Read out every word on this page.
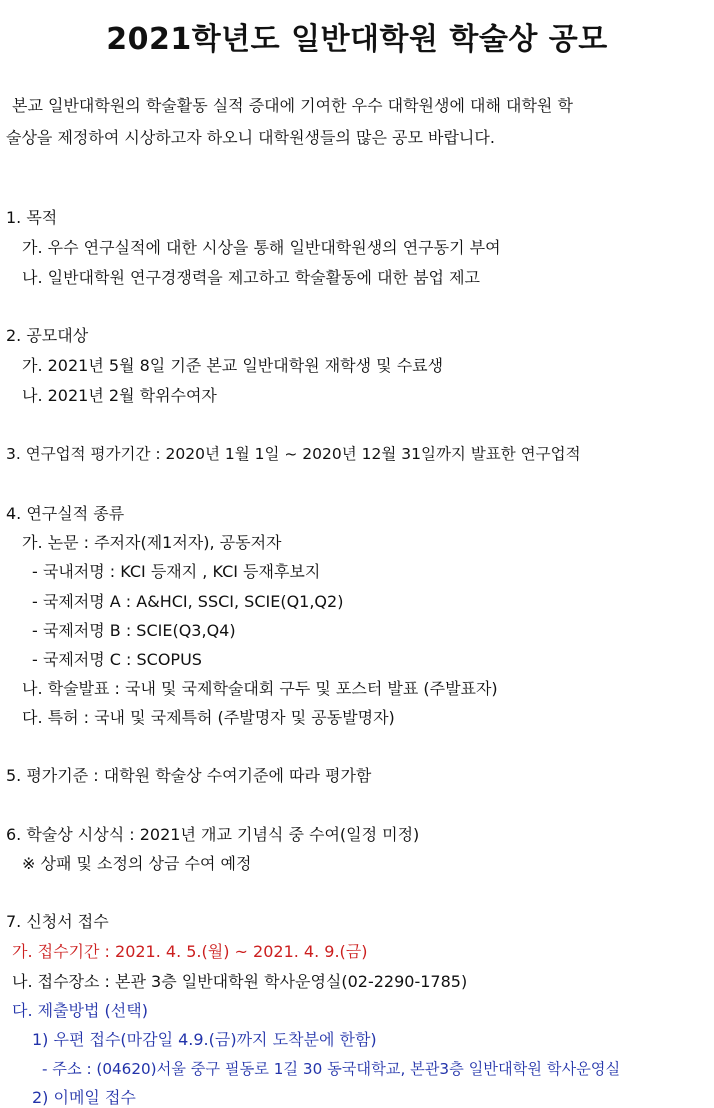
2021학년도 일반대학원 학술상 공모
본교 일반대학원의 학술활동 실적 증대에 기여한 우수 대학원생에 대해 대학원 학
술상을 제정하여 시상하고자 하오니 대학원생들의 많은 공모 바랍니다.
1. 목적
가. 우수 연구실적에 대한 시상을 통해 일반대학원생의 연구동기 부여
나. 일반대학원 연구경쟁력을 제고하고 학술활동에 대한 붐업 제고
2. 공모대상
가. 2021년 5월 8일 기준 본교 일반대학원 재학생 및 수료생
나. 2021년 2월 학위수여자
3. 연구업적 평가기간 : 2020년 1월 1일 ~ 2020년 12월 31일까지 발표한 연구업적
4. 연구실적 종류
가. 논문 : 주저자(제1저자), 공동저자
- 국내저명 : KCI 등재지 , KCI 등재후보지
- 국제저명 A : A&HCI, SSCI, SCIE(Q1,Q2)
- 국제저명 B : SCIE(Q3,Q4)
- 국제저명 C : SCOPUS
나. 학술발표 : 국내 및 국제학술대회 구두 및 포스터 발표 (주발표자)
다. 특허 : 국내 및 국제특허 (주발명자 및 공동발명자)
5. 평가기준 : 대학원 학술상 수여기준에 따라 평가함
6. 학술상 시상식 : 2021년 개교 기념식 중 수여(일정 미정)
※ 상패 및 소정의 상금 수여 예정
7. 신청서 접수
가. 접수기간 : 2021. 4. 5.(월) ~ 2021. 4. 9.(금)
나. 접수장소 : 본관 3층 일반대학원 학사운영실(02-2290-1785)
다. 제출방법 (선택)
1) 우편 접수(마감일 4.9.(금)까지 도착분에 한함)
- 주소 : (04620)서울 중구 필동로 1길 30 동국대학교, 본관3층 일반대학원 학사운영실
2) 이메일 접수
